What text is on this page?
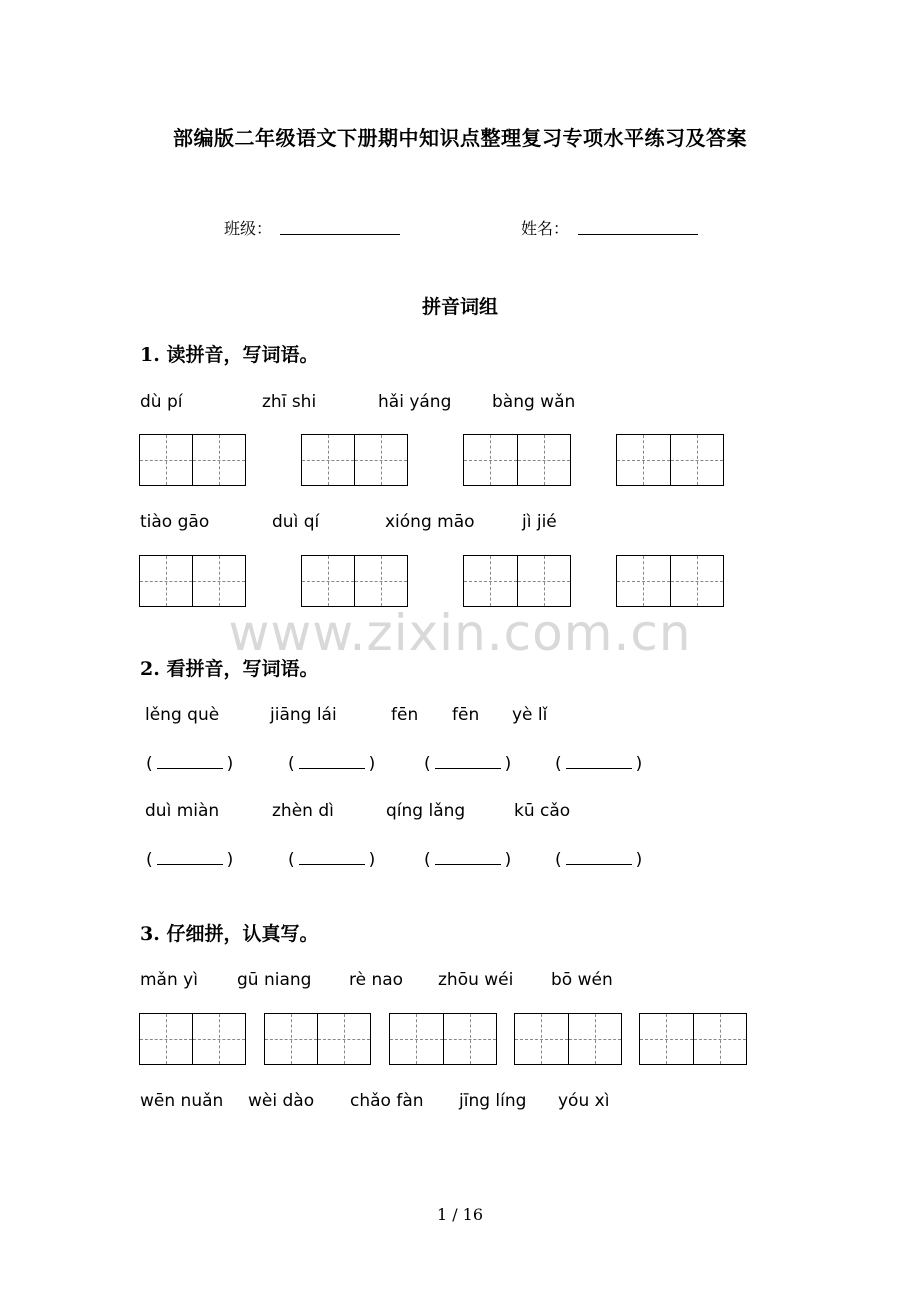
部编版二年级语文下册期中知识点整理复习专项水平练习及答案
班级：	姓名：
拼音词组
1. 读拼音，写词语。
dù pí	zhī shi	hǎi yáng bàng wǎn
tiào gāo	duì qí	xióng māo	jì jié
www.zixin.com.cn
2. 看拼音，写词语。
lěng què	jiāng lái	fēn fēn yè lǐ
(	)	(	)	(	)	(	)
duì miàn	zhèn dì	qíng lǎng	kū cǎo
(	)	(	)	(	)	(	)
3. 仔细拼，认真写。
mǎn yì gū niang rè nao zhōu wéi bō wén
wēn nuǎn wèi dào chǎo fàn jīng líng yóu xì
1 / 16
